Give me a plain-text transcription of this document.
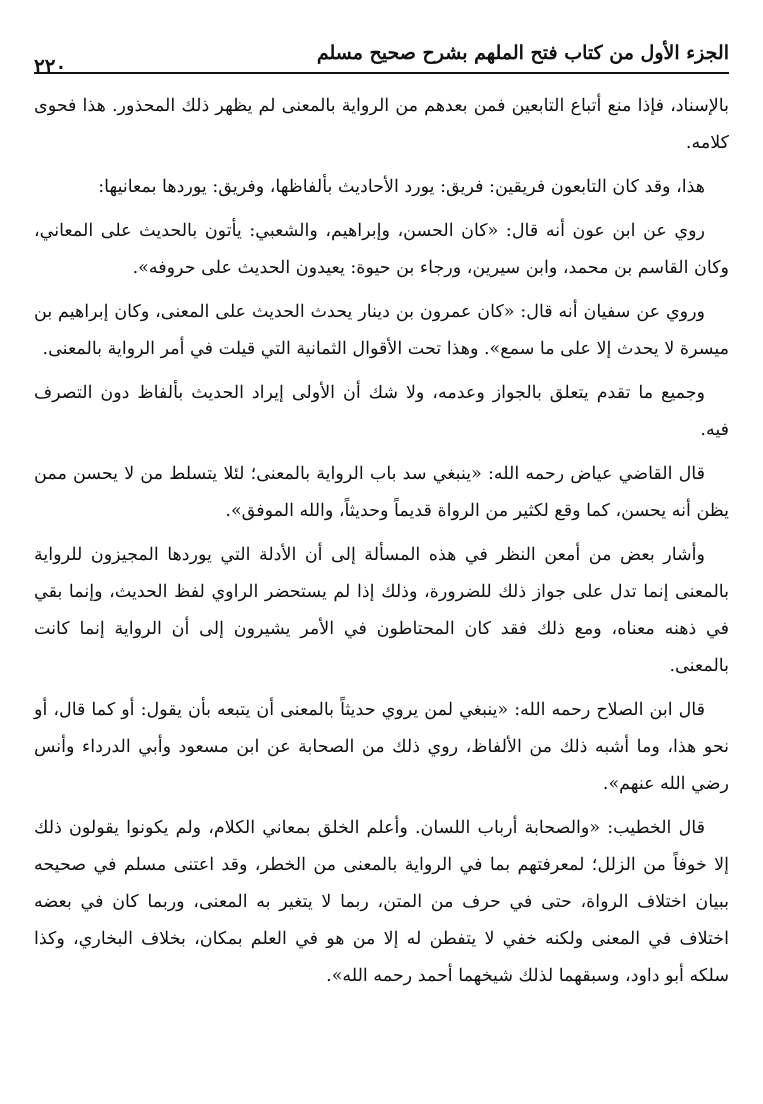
الجزء الأول من كتاب فتح الملهم بشرح صحيح مسلم
٢٢٠

بالإسناد، فإذا منع أتباع التابعين فمن بعدهم من الرواية بالمعنى لم يظهر ذلك المحذور. هذا فحوى كلامه.

هذا، وقد كان التابعون فريقين: فريق: يورد الأحاديث بألفاظها، وفريق: يوردها بمعانيها:

روي عن ابن عون أنه قال: «كان الحسن، وإبراهيم، والشعبي: يأتون بالحديث على المعاني، وكان القاسم بن محمد، وابن سيرين، ورجاء بن حيوة: يعيدون الحديث على حروفه».

وروي عن سفيان أنه قال: «كان عمرون بن دينار يحدث الحديث على المعنى، وكان إبراهيم بن ميسرة لا يحدث إلا على ما سمع». وهذا تحت الأقوال الثمانية التي قيلت في أمر الرواية بالمعنى.

وجميع ما تقدم يتعلق بالجواز وعدمه، ولا شك أن الأولى إيراد الحديث بألفاظ دون التصرف فيه.

قال القاضي عياض رحمه الله: «ينبغي سد باب الرواية بالمعنى؛ لئلا يتسلط من لا يحسن ممن يظن أنه يحسن، كما وقع لكثير من الرواة قديماً وحديثاً، والله الموفق».

وأشار بعض من أمعن النظر في هذه المسألة إلى أن الأدلة التي يوردها المجيزون للرواية بالمعنى إنما تدل على جواز ذلك للضرورة، وذلك إذا لم يستحضر الراوي لفظ الحديث، وإنما بقي في ذهنه معناه، ومع ذلك فقد كان المحتاطون في الأمر يشيرون إلى أن الرواية إنما كانت بالمعنى.

قال ابن الصلاح رحمه الله: «ينبغي لمن يروي حديثاً بالمعنى أن يتبعه بأن يقول: أو كما قال، أو نحو هذا، وما أشبه ذلك من الألفاظ، روي ذلك من الصحابة عن ابن مسعود وأبي الدرداء وأنس رضي الله عنهم».

قال الخطيب: «والصحابة أرباب اللسان. وأعلم الخلق بمعاني الكلام، ولم يكونوا يقولون ذلك إلا خوفاً من الزلل؛ لمعرفتهم بما في الرواية بالمعنى من الخطر، وقد اعتنى مسلم في صحيحه ببيان اختلاف الرواة، حتى في حرف من المتن، ربما لا يتغير به المعنى، وربما كان في بعضه اختلاف في المعنى ولكنه خفي لا يتفطن له إلا من هو في العلم بمكان، بخلاف البخاري، وكذا سلكه أبو داود، وسبقهما لذلك شيخهما أحمد رحمه الله».
